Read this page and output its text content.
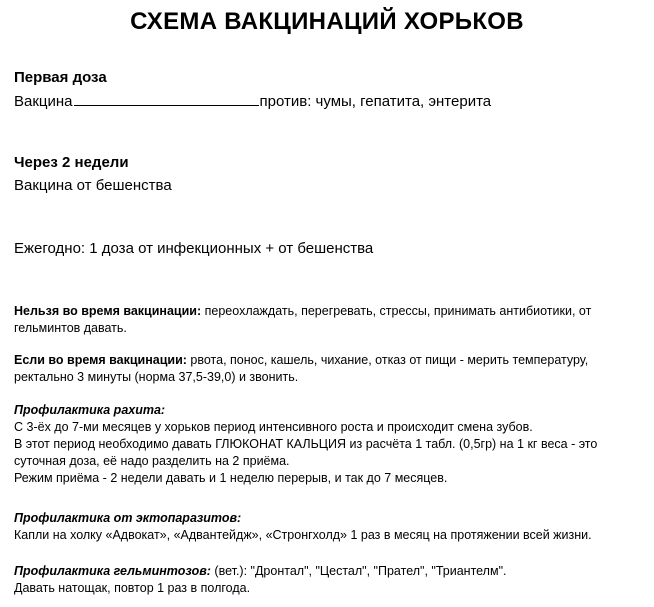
СХЕМА ВАКЦИНАЦИЙ ХОРЬКОВ
Первая доза
Вакцина	против: чумы, гепатита, энтерита
Через 2 недели
Вакцина от бешенства
Ежегодно: 1 доза от инфекционных + от бешенства

Нельзя во время вакцинации: переохлаждать, перегревать, стрессы, принимать антибиотики, от

гельминтов давать.

Если во время вакцинации: рвота, понос, кашель, чихание, отказ от пищи - мерить температуру,

ректально 3 минуты (норма 37,5-39,0) и звонить.

Профилактика рахита:

С 3-ёх до 7-ми месяцев у хорьков период интенсивного роста и происходит смена зубов.

В этот период необходимо давать ГЛЮКОНАТ КАЛЬЦИЯ из расчёта 1 табл. (0,5гр) на 1 кг веса - это

суточная доза, её надо разделить на 2 приёма.

Режим приёма - 2 недели давать и 1 неделю перерыв, и так до 7 месяцев.

Профилактика от эктопаразитов:

Капли на холку «Адвокат», «Адвантейдж», «Стронгхолд» 1 раз в месяц на протяжении всей жизни.

Профилактика гельминтозов: (вет.): "Дронтал", "Цестал", "Прател", "Триантелм".

Давать натощак, повтор 1 раз в полгода.
